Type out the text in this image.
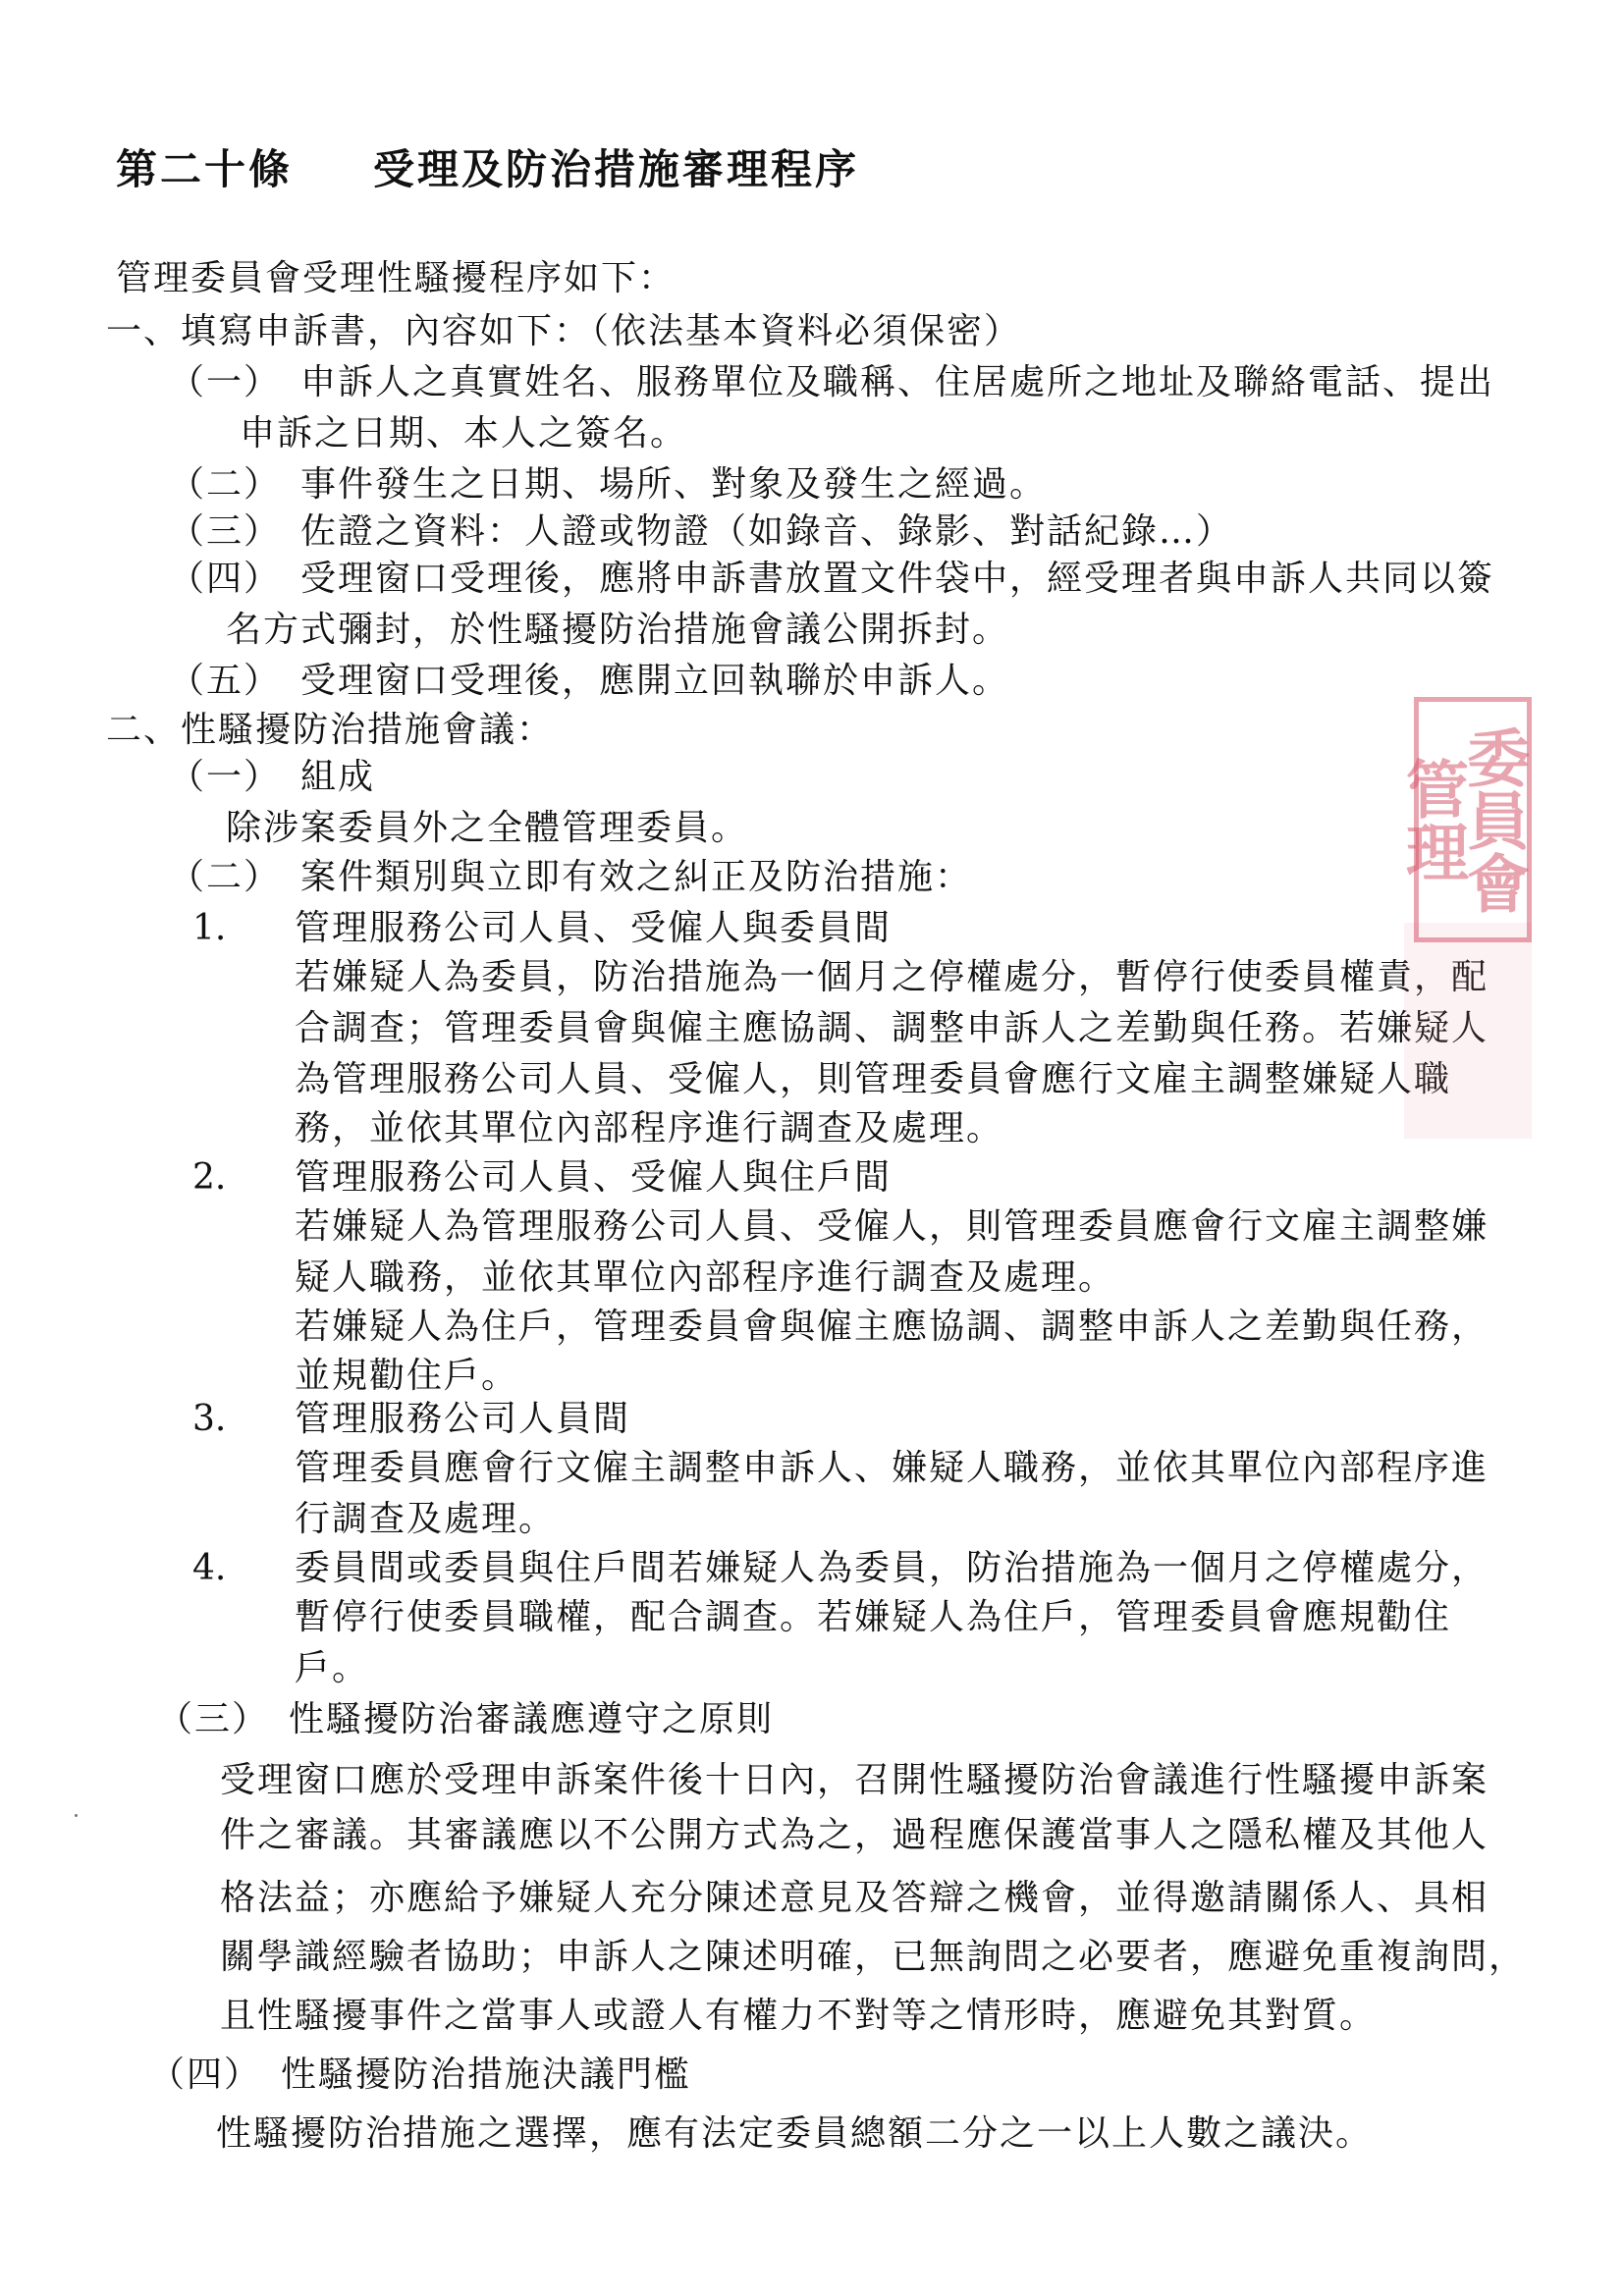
第二十條 受理及防治措施審理程序
管理委員會受理性騷擾程序如下：
一、填寫申訴書，內容如下：（依法基本資料必須保密）
（一）　申訴人之真實姓名、服務單位及職稱、住居處所之地址及聯絡電話、提出
申訴之日期、本人之簽名。
（二）　事件發生之日期、場所、對象及發生之經過。
（三）　佐證之資料：人證或物證（如錄音、錄影、對話紀錄…）
（四）　受理窗口受理後，應將申訴書放置文件袋中，經受理者與申訴人共同以簽
名方式彌封，於性騷擾防治措施會議公開拆封。
（五）　受理窗口受理後，應開立回執聯於申訴人。
二、性騷擾防治措施會議：
（一）　組成
除涉案委員外之全體管理委員。
（二）　案件類別與立即有效之糾正及防治措施：
1. 管理服務公司人員、受僱人與委員間
若嫌疑人為委員，防治措施為一個月之停權處分，暫停行使委員權責，配
合調查；管理委員會與僱主應協調、調整申訴人之差勤與任務。若嫌疑人
為管理服務公司人員、受僱人，則管理委員會應行文雇主調整嫌疑人職
務，並依其單位內部程序進行調查及處理。
2. 管理服務公司人員、受僱人與住戶間
若嫌疑人為管理服務公司人員、受僱人，則管理委員應會行文雇主調整嫌
疑人職務，並依其單位內部程序進行調查及處理。
若嫌疑人為住戶，管理委員會與僱主應協調、調整申訴人之差勤與任務，
並規勸住戶。
3. 管理服務公司人員間
管理委員應會行文僱主調整申訴人、嫌疑人職務，並依其單位內部程序進
行調查及處理。
4. 委員間或委員與住戶間若嫌疑人為委員，防治措施為一個月之停權處分，
暫停行使委員職權，配合調查。若嫌疑人為住戶，管理委員會應規勸住
戶。
（三）　性騷擾防治審議應遵守之原則
受理窗口應於受理申訴案件後十日內，召開性騷擾防治會議進行性騷擾申訴案
件之審議。其審議應以不公開方式為之，過程應保護當事人之隱私權及其他人
格法益；亦應給予嫌疑人充分陳述意見及答辯之機會，並得邀請關係人、具相
關學識經驗者協助；申訴人之陳述明確，已無詢問之必要者，應避免重複詢問，
且性騷擾事件之當事人或證人有權力不對等之情形時，應避免其對質。
（四）　性騷擾防治措施決議門檻
性騷擾防治措施之選擇，應有法定委員總額二分之一以上人數之議決。
委員會管理
